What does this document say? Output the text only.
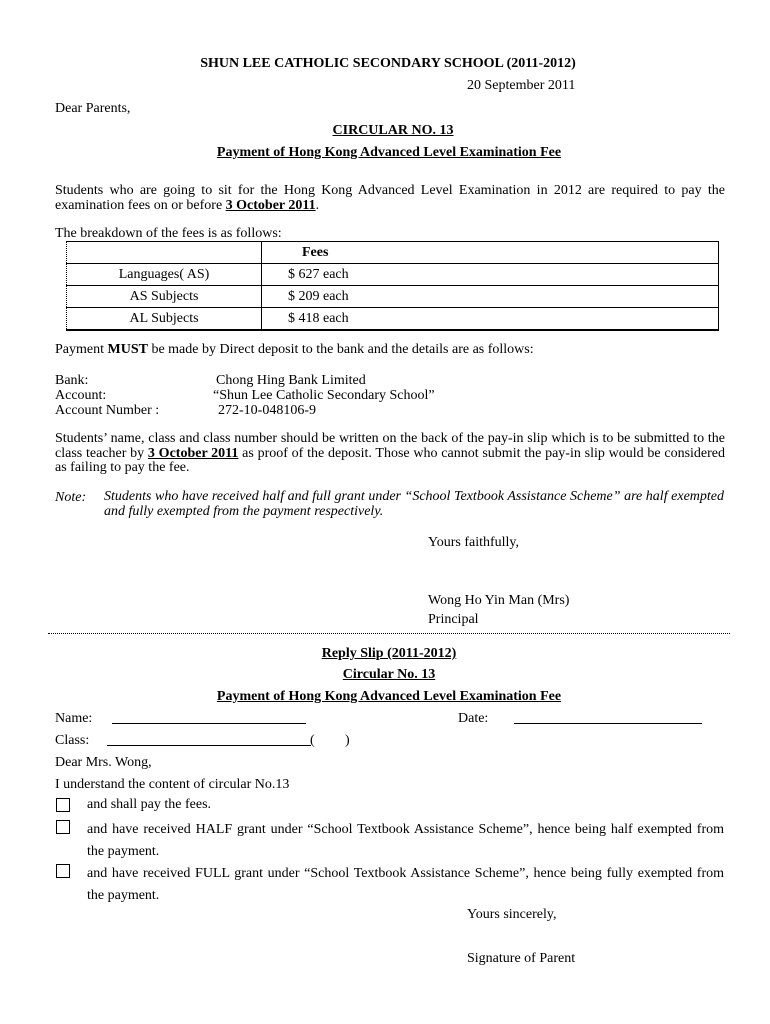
SHUN LEE CATHOLIC SECONDARY SCHOOL (2011-2012)
20 September 2011
Dear Parents,
CIRCULAR NO. 13
Payment of Hong Kong Advanced Level Examination Fee
Students who are going to sit for the Hong Kong Advanced Level Examination in 2012 are required to pay the examination fees on or before 3 October 2011.
The breakdown of the fees is as follows:
	Fees	
Languages( AS)	$ 627 each	
AS Subjects	$ 209 each	
AL Subjects	$ 418 each	
Payment MUST be made by Direct deposit to the bank and the details are as follows:
Bank:	Chong Hing Bank Limited
Account:	“Shun Lee Catholic Secondary School”
Account Number :	272-10-048106-9
Students’ name, class and class number should be written on the back of the pay-in slip which is to be submitted to the class teacher by 3 October 2011 as proof of the deposit. Those who cannot submit the pay-in slip would be considered as failing to pay the fee.
Note: Students who have received half and full grant under “School Textbook Assistance Scheme” are half exempted and fully exempted from the payment respectively.
Yours faithfully,
Wong Ho Yin Man (Mrs)
Principal
Reply Slip (2011-2012)
Circular No. 13
Payment of Hong Kong Advanced Level Examination Fee
Name:	Date:
Class:	( )
Dear Mrs. Wong,
I understand the content of circular No.13
and shall pay the fees.
and have received HALF grant under “School Textbook Assistance Scheme”, hence being half exempted from the payment.
and have received FULL grant under “School Textbook Assistance Scheme”, hence being fully exempted from the payment.
Yours sincerely,
Signature of Parent
